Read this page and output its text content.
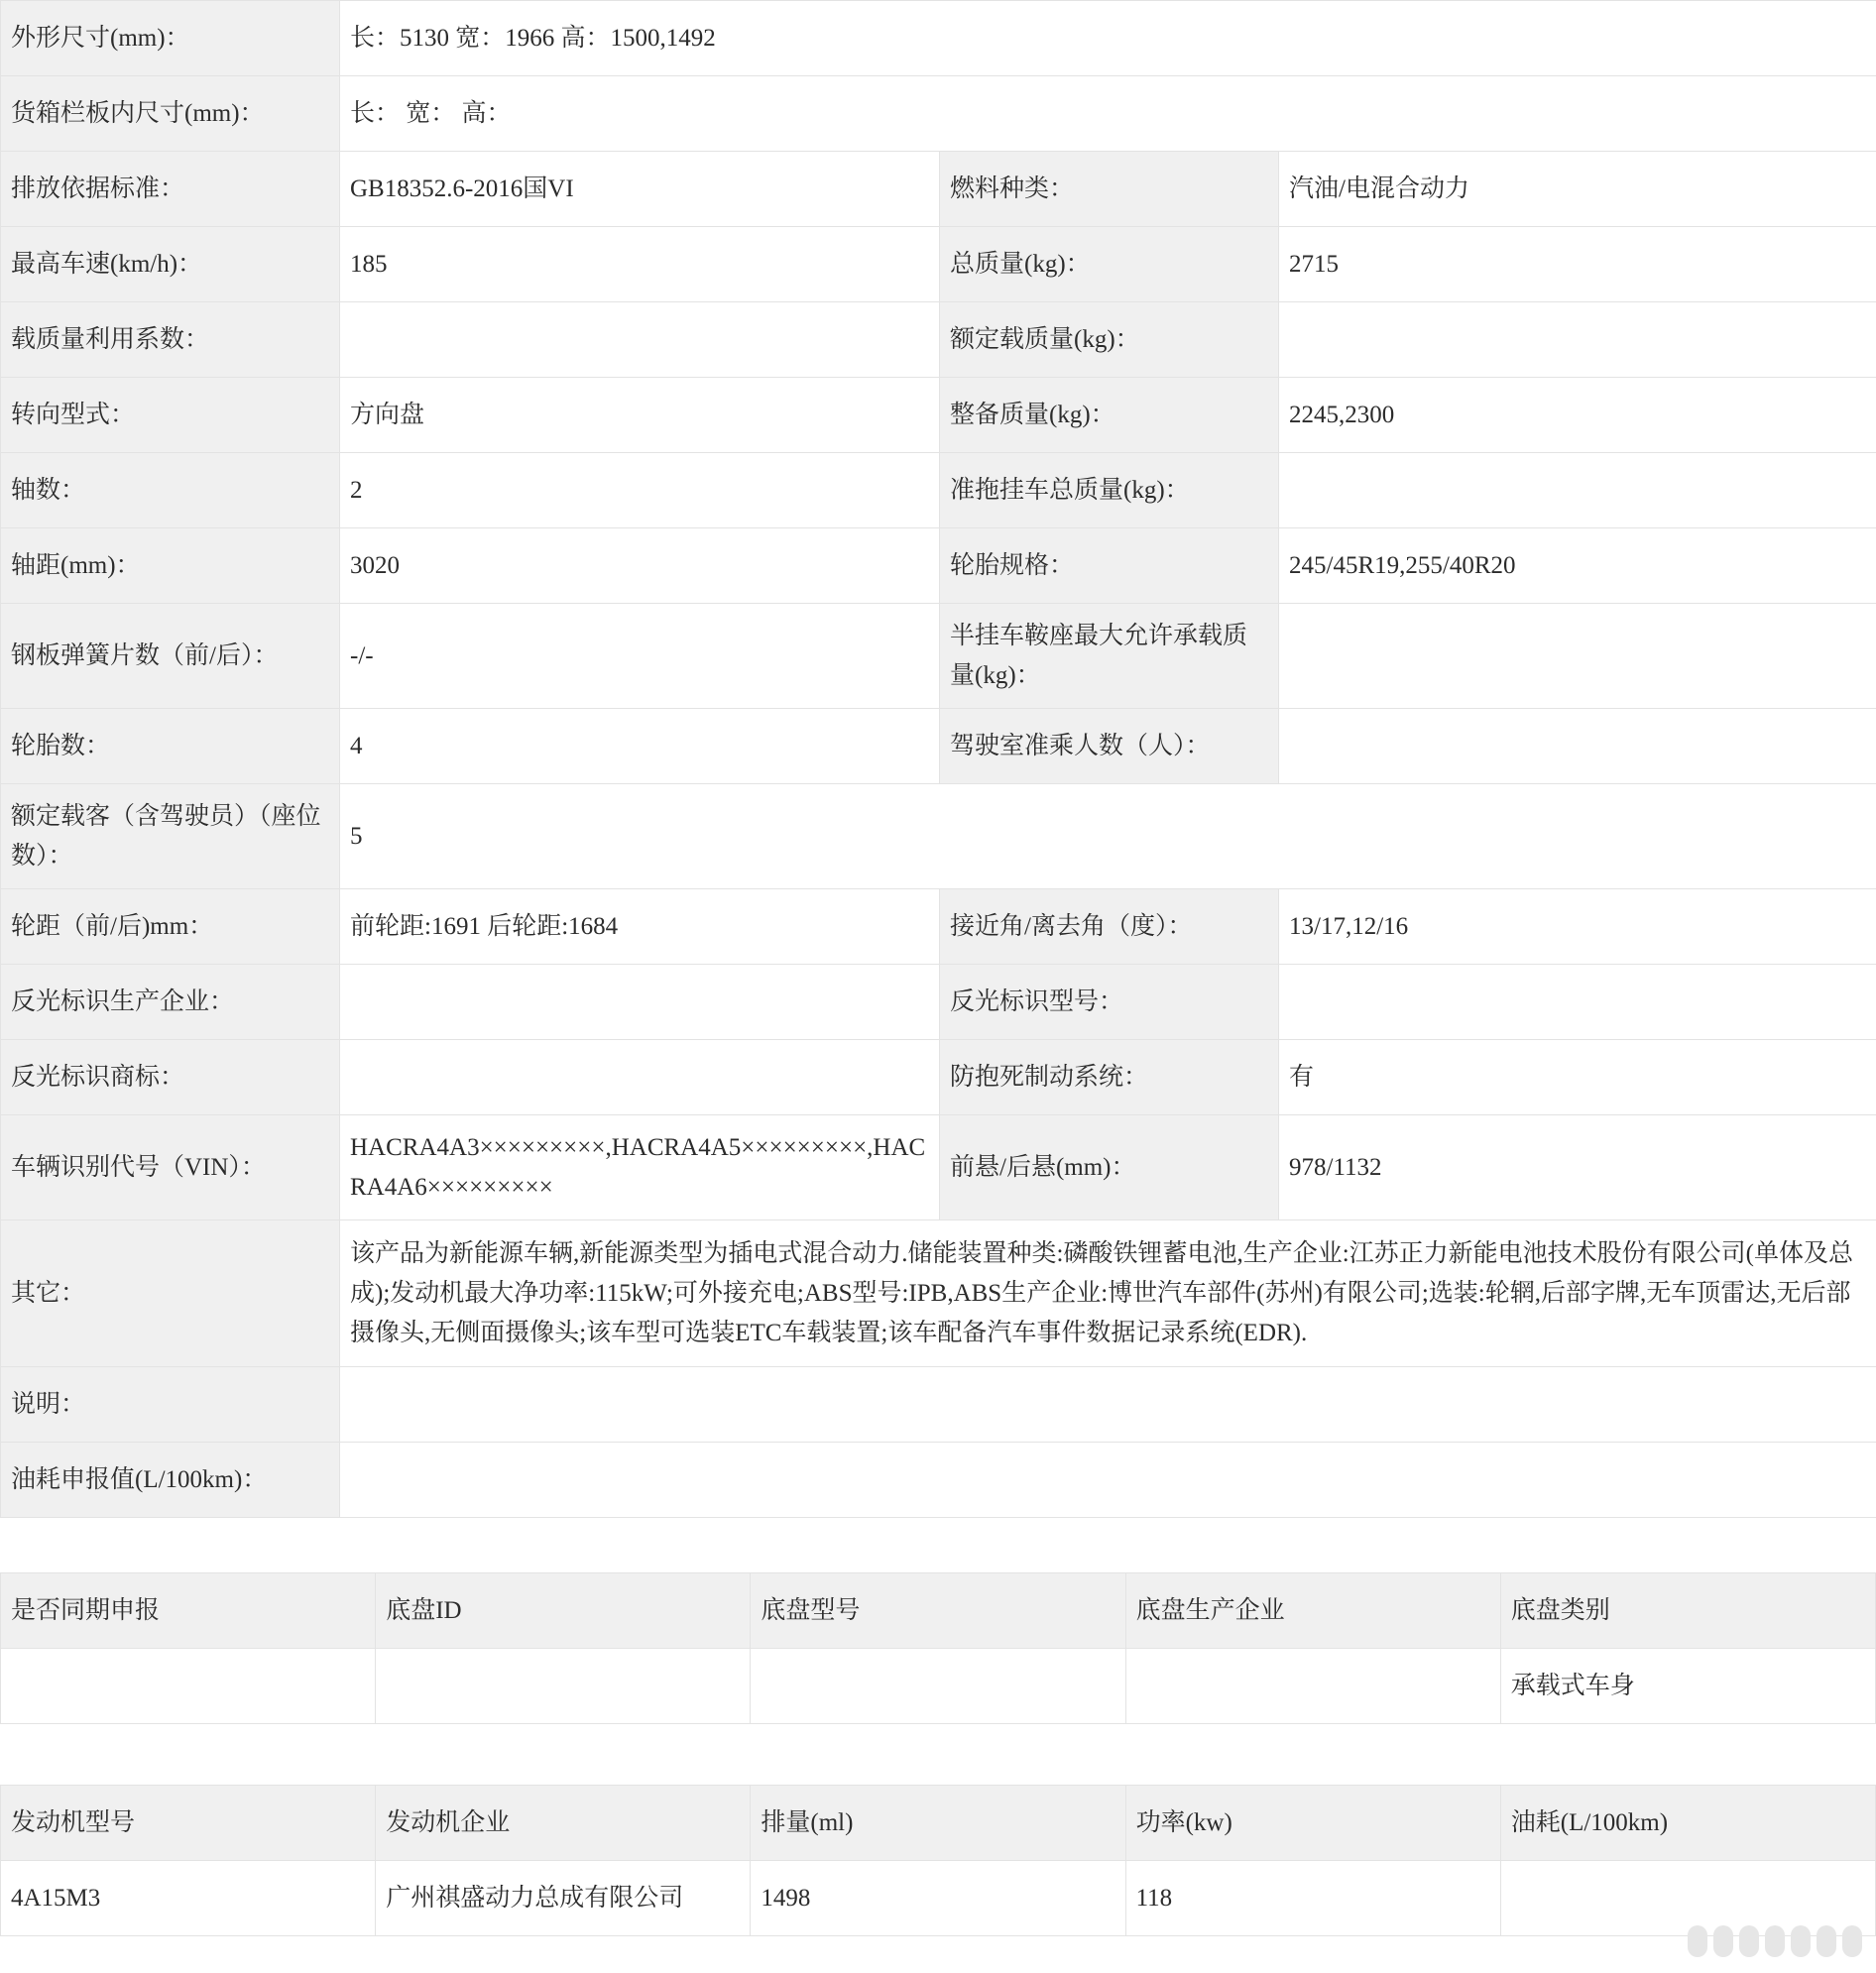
外形尺寸(mm)：	长：5130 宽：1966 高：1500,1492		
货箱栏板内尺寸(mm)：	长： 宽： 高：		
排放依据标准：	GB18352.6-2016国VI	燃料种类：	汽油/电混合动力
最高车速(km/h)：	185	总质量(kg)：	2715
载质量利用系数：		额定载质量(kg)：	
转向型式：	方向盘	整备质量(kg)：	2245,2300
轴数：	2	准拖挂车总质量(kg)：	
轴距(mm)：	3020	轮胎规格：	245/45R19,255/40R20
钢板弹簧片数（前/后）：	-/-	半挂车鞍座最大允许承载质量(kg)：	
轮胎数：	4	驾驶室准乘人数（人）：	
额定载客（含驾驶员）（座位数）：	5		
轮距（前/后)mm：	前轮距:1691 后轮距:1684	接近角/离去角（度）：	13/17,12/16
反光标识生产企业：		反光标识型号：	
反光标识商标：		防抱死制动系统：	有
车辆识别代号（VIN）：	HACRA4A3×××××××××,HACRA4A5×××××××××,HACRA4A6×××××××××	前悬/后悬(mm)：	978/1132
其它：	该产品为新能源车辆,新能源类型为插电式混合动力.储能装置种类:磷酸铁锂蓄电池,生产企业:江苏正力新能电池技术股份有限公司(单体及总成);发动机最大净功率:115kW;可外接充电;ABS型号:IPB,ABS生产企业:博世汽车部件(苏州)有限公司;选装:轮辋,后部字牌,无车顶雷达,无后部摄像头,无侧面摄像头;该车型可选装ETC车载装置;该车配备汽车事件数据记录系统(EDR).		
说明：			
油耗申报值(L/100km)：			
是否同期申报	底盘ID	底盘型号	底盘生产企业	底盘类别
				承载式车身
发动机型号	发动机企业	排量(ml)	功率(kw)	油耗(L/100km)
4A15M3	广州祺盛动力总成有限公司	1498	118	
